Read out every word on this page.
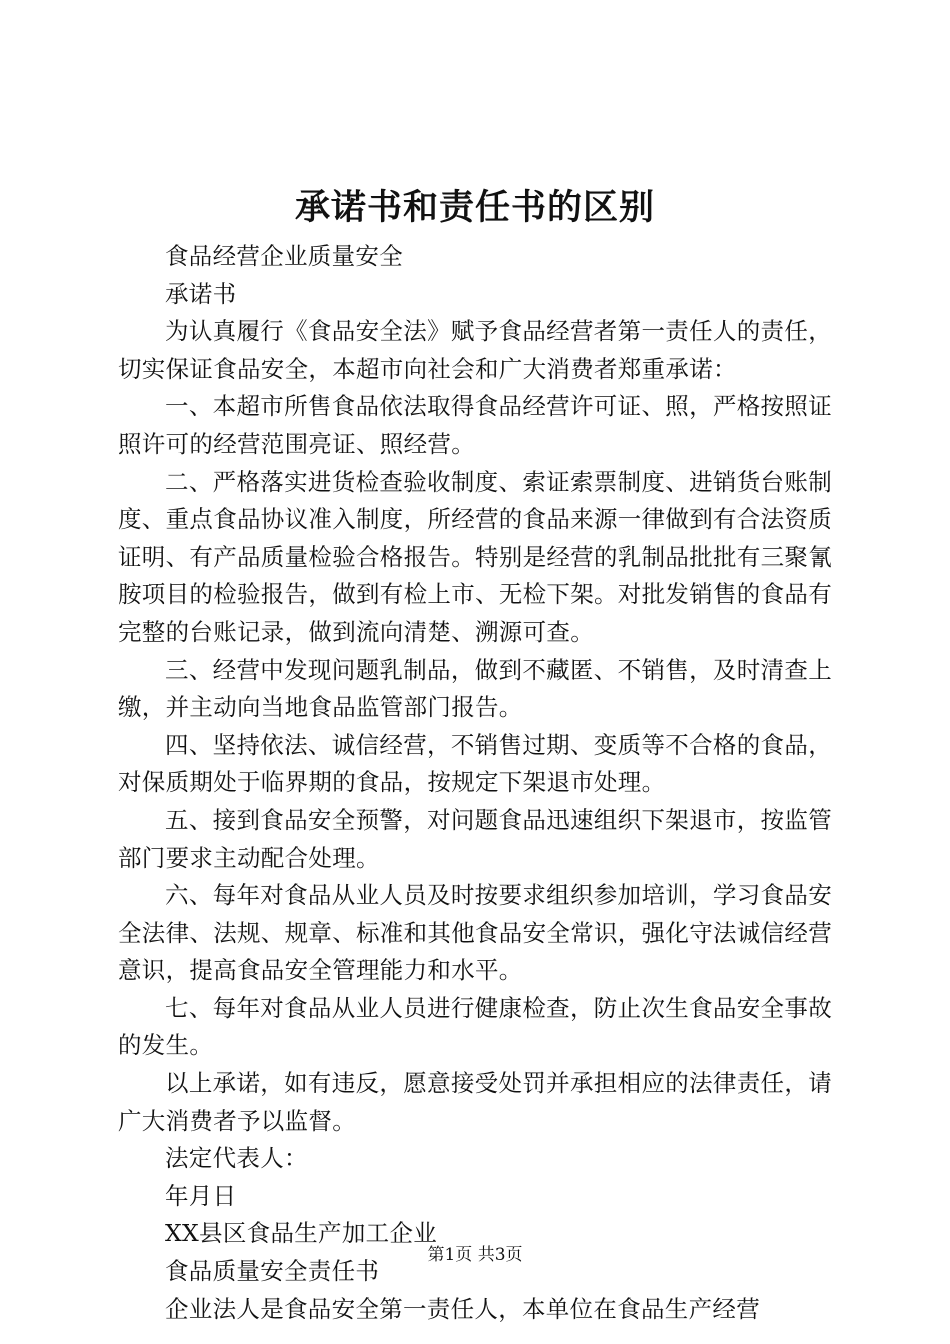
承诺书和责任书的区别

食品经营企业质量安全

承诺书

为认真履行《食品安全法》赋予食品经营者第一责任人的责任，切实保证食品安全，本超市向社会和广大消费者郑重承诺：

一、本超市所售食品依法取得食品经营许可证、照，严格按照证照许可的经营范围亮证、照经营。

二、严格落实进货检查验收制度、索证索票制度、进销货台账制度、重点食品协议准入制度，所经营的食品来源一律做到有合法资质证明、有产品质量检验合格报告。特别是经营的乳制品批批有三聚氰胺项目的检验报告，做到有检上市、无检下架。对批发销售的食品有完整的台账记录，做到流向清楚、溯源可查。

三、经营中发现问题乳制品，做到不藏匿、不销售，及时清查上缴，并主动向当地食品监管部门报告。

四、坚持依法、诚信经营，不销售过期、变质等不合格的食品，对保质期处于临界期的食品，按规定下架退市处理。

五、接到食品安全预警，对问题食品迅速组织下架退市，按监管部门要求主动配合处理。

六、每年对食品从业人员及时按要求组织参加培训，学习食品安全法律、法规、规章、标准和其他食品安全常识，强化守法诚信经营意识，提高食品安全管理能力和水平。

七、每年对食品从业人员进行健康检查，防止次生食品安全事故的发生。

以上承诺，如有违反，愿意接受处罚并承担相应的法律责任，请广大消费者予以监督。

法定代表人：

年月日

XX县区食品生产加工企业

食品质量安全责任书

企业法人是食品安全第一责任人，本单位在食品生产经营

第1页 共3页
